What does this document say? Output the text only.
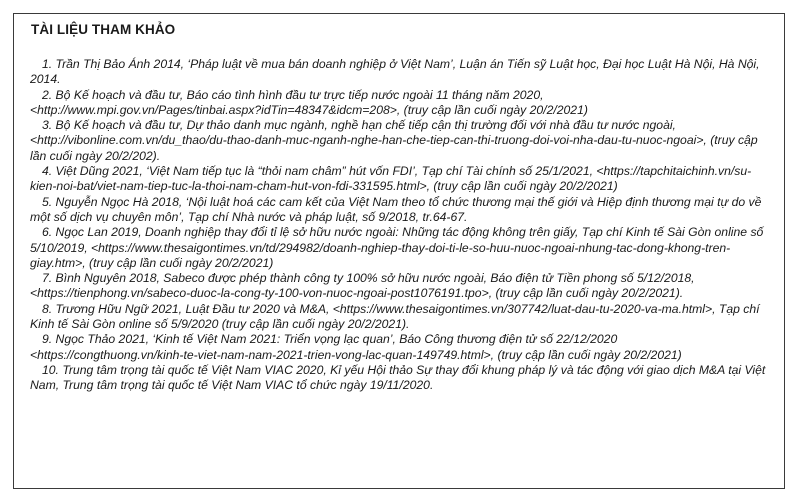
TÀI LIỆU THAM KHẢO
1. Trần Thị Bảo Ánh 2014, ‘Pháp luật về mua bán doanh nghiệp ở Việt Nam’, Luận án Tiến sỹ Luật học, Đại học Luật Hà Nội, Hà Nội, 2014.
2. Bộ Kế hoạch và đầu tư, Báo cáo tình hình đầu tư trực tiếp nước ngoài 11 tháng năm 2020, <http://www.mpi.gov.vn/Pages/tinbai.aspx?idTin=48347&idcm=208>, (truy cập lần cuối ngày 20/2/2021)
3. Bộ Kế hoạch và đầu tư, Dự thảo danh mục ngành, nghề hạn chế tiếp cận thị trường đối với nhà đầu tư nước ngoài, <http://vibonline.com.vn/du_thao/du-thao-danh-muc-nganh-nghe-han-che-tiep-can-thi-truong-doi-voi-nha-dau-tu-nuoc-ngoai>, (truy cập lần cuối ngày 20/2/202).
4. Việt Dũng 2021, ‘Việt Nam tiếp tục là “thỏi nam châm” hút vốn FDI’, Tạp chí Tài chính số 25/1/2021, <https://tapchitaichinh.vn/su-kien-noi-bat/viet-nam-tiep-tuc-la-thoi-nam-cham-hut-von-fdi-331595.html>, (truy cập lần cuối ngày 20/2/2021)
5. Nguyễn Ngọc Hà 2018, ‘Nội luật hoá các cam kết của Việt Nam theo tổ chức thương mại thế giới và Hiệp định thương mại tự do về một số dịch vụ chuyên môn’, Tạp chí Nhà nước và pháp luật, số 9/2018, tr.64-67.
6. Ngọc Lan 2019, Doanh nghiệp thay đổi tỉ lệ sở hữu nước ngoài: Những tác động không trên giấy, Tạp chí Kinh tế Sài Gòn online số 5/10/2019, <https://www.thesaigontimes.vn/td/294982/doanh-nghiep-thay-doi-ti-le-so-huu-nuoc-ngoai-nhung-tac-dong-khong-tren-giay.htm>, (truy cập lần cuối ngày 20/2/2021)
7. Bình Nguyên 2018, Sabeco được phép thành công ty 100% sở hữu nước ngoài, Báo điện tử Tiền phong số 5/12/2018, <https://tienphong.vn/sabeco-duoc-la-cong-ty-100-von-nuoc-ngoai-post1076191.tpo>, (truy cập lần cuối ngày 20/2/2021).
8. Trương Hữu Ngữ 2021, Luật Đầu tư 2020 và M&A, <https://www.thesaigontimes.vn/307742/luat-dau-tu-2020-va-ma.html>, Tạp chí Kinh tế Sài Gòn online số 5/9/2020 (truy cập lần cuối ngày 20/2/2021).
9. Ngọc Thảo 2021, ‘Kinh tế Việt Nam 2021: Triển vọng lạc quan’, Báo Công thương điện tử số 22/12/2020 <https://congthuong.vn/kinh-te-viet-nam-nam-2021-trien-vong-lac-quan-149749.html>, (truy cập lần cuối ngày 20/2/2021)
10. Trung tâm trọng tài quốc tế Việt Nam VIAC 2020, Kỉ yếu Hội thảo Sự thay đổi khung pháp lý và tác động với giao dịch M&A tại Việt Nam, Trung tâm trọng tài quốc tế Việt Nam VIAC tổ chức ngày 19/11/2020.
